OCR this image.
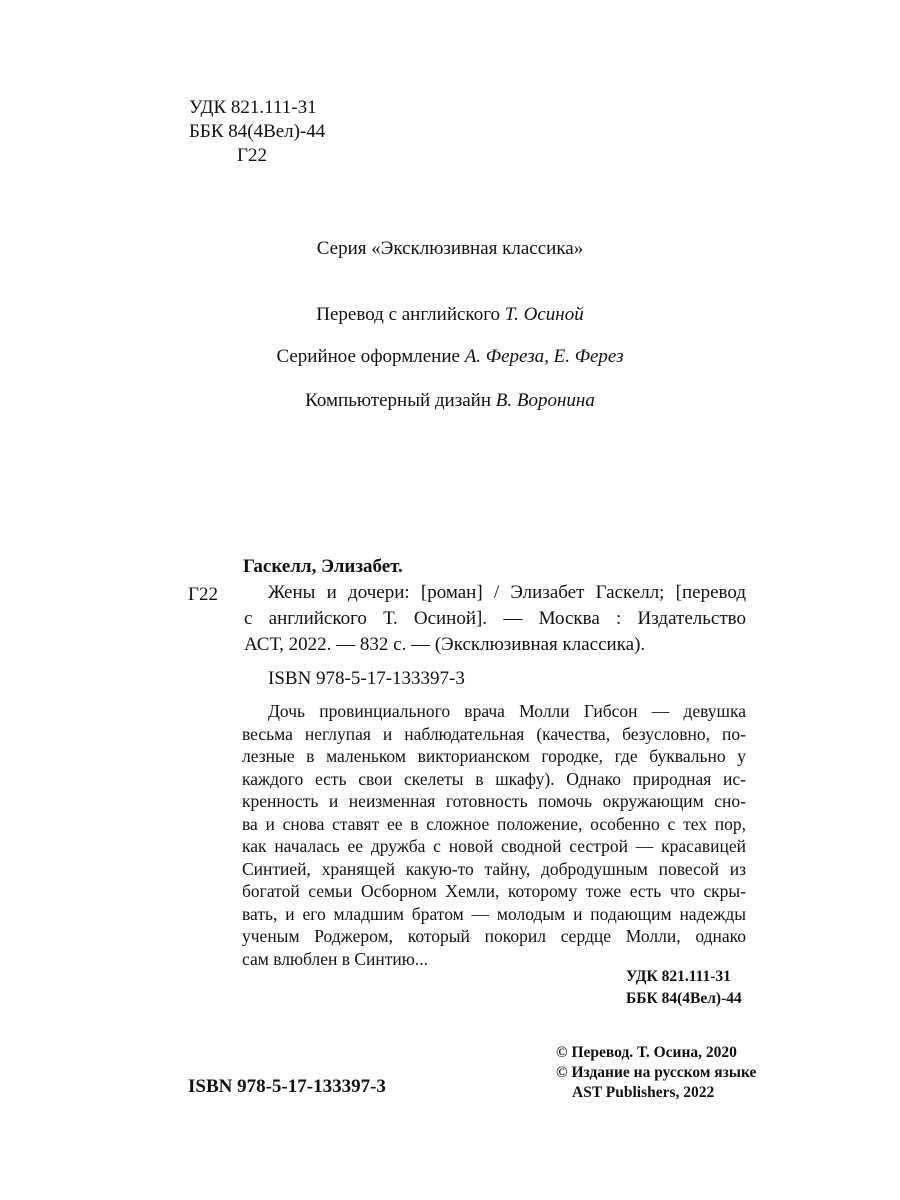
УДК 821.111-31
ББК 84(4Вел)-44
Г22
Серия «Эксклюзивная классика»
Перевод с английского Т. Осиной
Серийное оформление А. Фереза, Е. Ферез
Компьютерный дизайн В. Воронина
Гаскелл, Элизабет.
Г22	Жены и дочери: [роман] / Элизабет Гаскелл; [перевод
с английского Т. Осиной]. — Москва : Издательство
АСТ, 2022. — 832 с. — (Эксклюзивная классика).
ISBN 978-5-17-133397-3
Дочь провинциального врача Молли Гибсон — девушка
весьма неглупая и наблюдательная (качества, безусловно, по-
лезные в маленьком викторианском городке, где буквально у
каждого есть свои скелеты в шкафу). Однако природная ис-
кренность и неизменная готовность помочь окружающим сно-
ва и снова ставят ее в сложное положение, особенно с тех пор,
как началась ее дружба с новой сводной сестрой — красавицей
Синтией, хранящей какую-то тайну, добродушным повесой из
богатой семьи Осборном Хемли, которому тоже есть что скры-
вать, и его младшим братом — молодым и подающим надежды
ученым Роджером, который покорил сердце Молли, однако
сам влюблен в Синтию...
УДК 821.111-31
ББК 84(4Вел)-44
© Перевод. Т. Осина, 2020
© Издание на русском языке
AST Publishers, 2022
ISBN 978-5-17-133397-3
